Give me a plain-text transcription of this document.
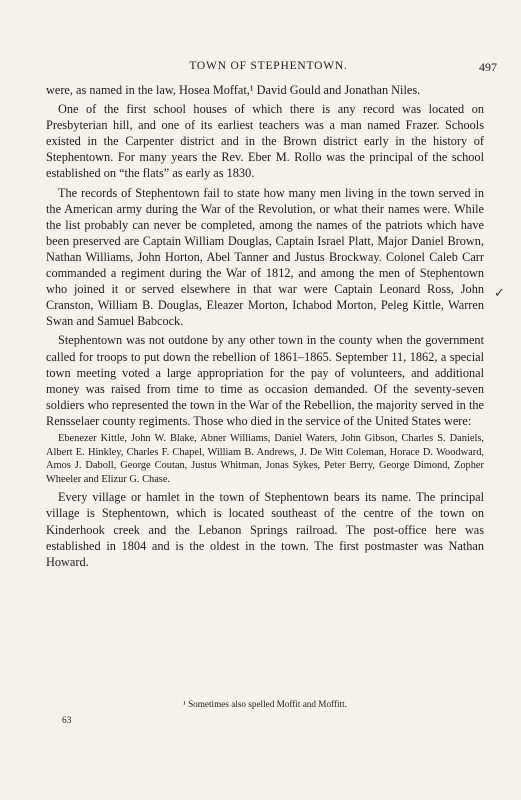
TOWN OF STEPHENTOWN.	497

were, as named in the law, Hosea Moffat,¹ David Gould and Jonathan Niles.

One of the first school houses of which there is any record was located on Presbyterian hill, and one of its earliest teachers was a man named Frazer. Schools existed in the Carpenter district and in the Brown district early in the history of Stephentown. For many years the Rev. Eber M. Rollo was the principal of the school established on “the flats” as early as 1830.

The records of Stephentown fail to state how many men living in the town served in the American army during the War of the Revolution, or what their names were. While the list probably can never be completed, among the names of the patriots which have been preserved are Captain William Douglas, Captain Israel Platt, Major Daniel Brown, Nathan Williams, John Horton, Abel Tanner and Justus Brockway. Colonel Caleb Carr commanded a regiment during the War of 1812, and among the men of Stephentown who joined it or served elsewhere in that war were Captain Leonard Ross, John Cranston, William B. Douglas, Eleazer Morton, Ichabod Morton, Peleg Kittle, Warren Swan and Samuel Babcock.

Stephentown was not outdone by any other town in the county when the government called for troops to put down the rebellion of 1861–1865. September 11, 1862, a special town meeting voted a large appropriation for the pay of volunteers, and additional money was raised from time to time as occasion demanded. Of the seventy-seven soldiers who represented the town in the War of the Rebellion, the majority served in the Rensselaer county regiments. Those who died in the service of the United States were:

Ebenezer Kittle, John W. Blake, Abner Williams, Daniel Waters, John Gibson, Charles S. Daniels, Albert E. Hinkley, Charles F. Chapel, William B. Andrews, J. De Witt Coleman, Horace D. Woodward, Amos J. Daboll, George Coutan, Justus Whitman, Jonas Sykes, Peter Berry, George Dimond, Zopher Wheeler and Elizur G. Chase.

Every village or hamlet in the town of Stephentown bears its name. The principal village is Stephentown, which is located southeast of the centre of the town on Kinderhook creek and the Lebanon Springs railroad. The post-office here was established in 1804 and is the oldest in the town. The first postmaster was Nathan Howard.

✓
¹ Sometimes also spelled Moffit and Moffitt.
63
